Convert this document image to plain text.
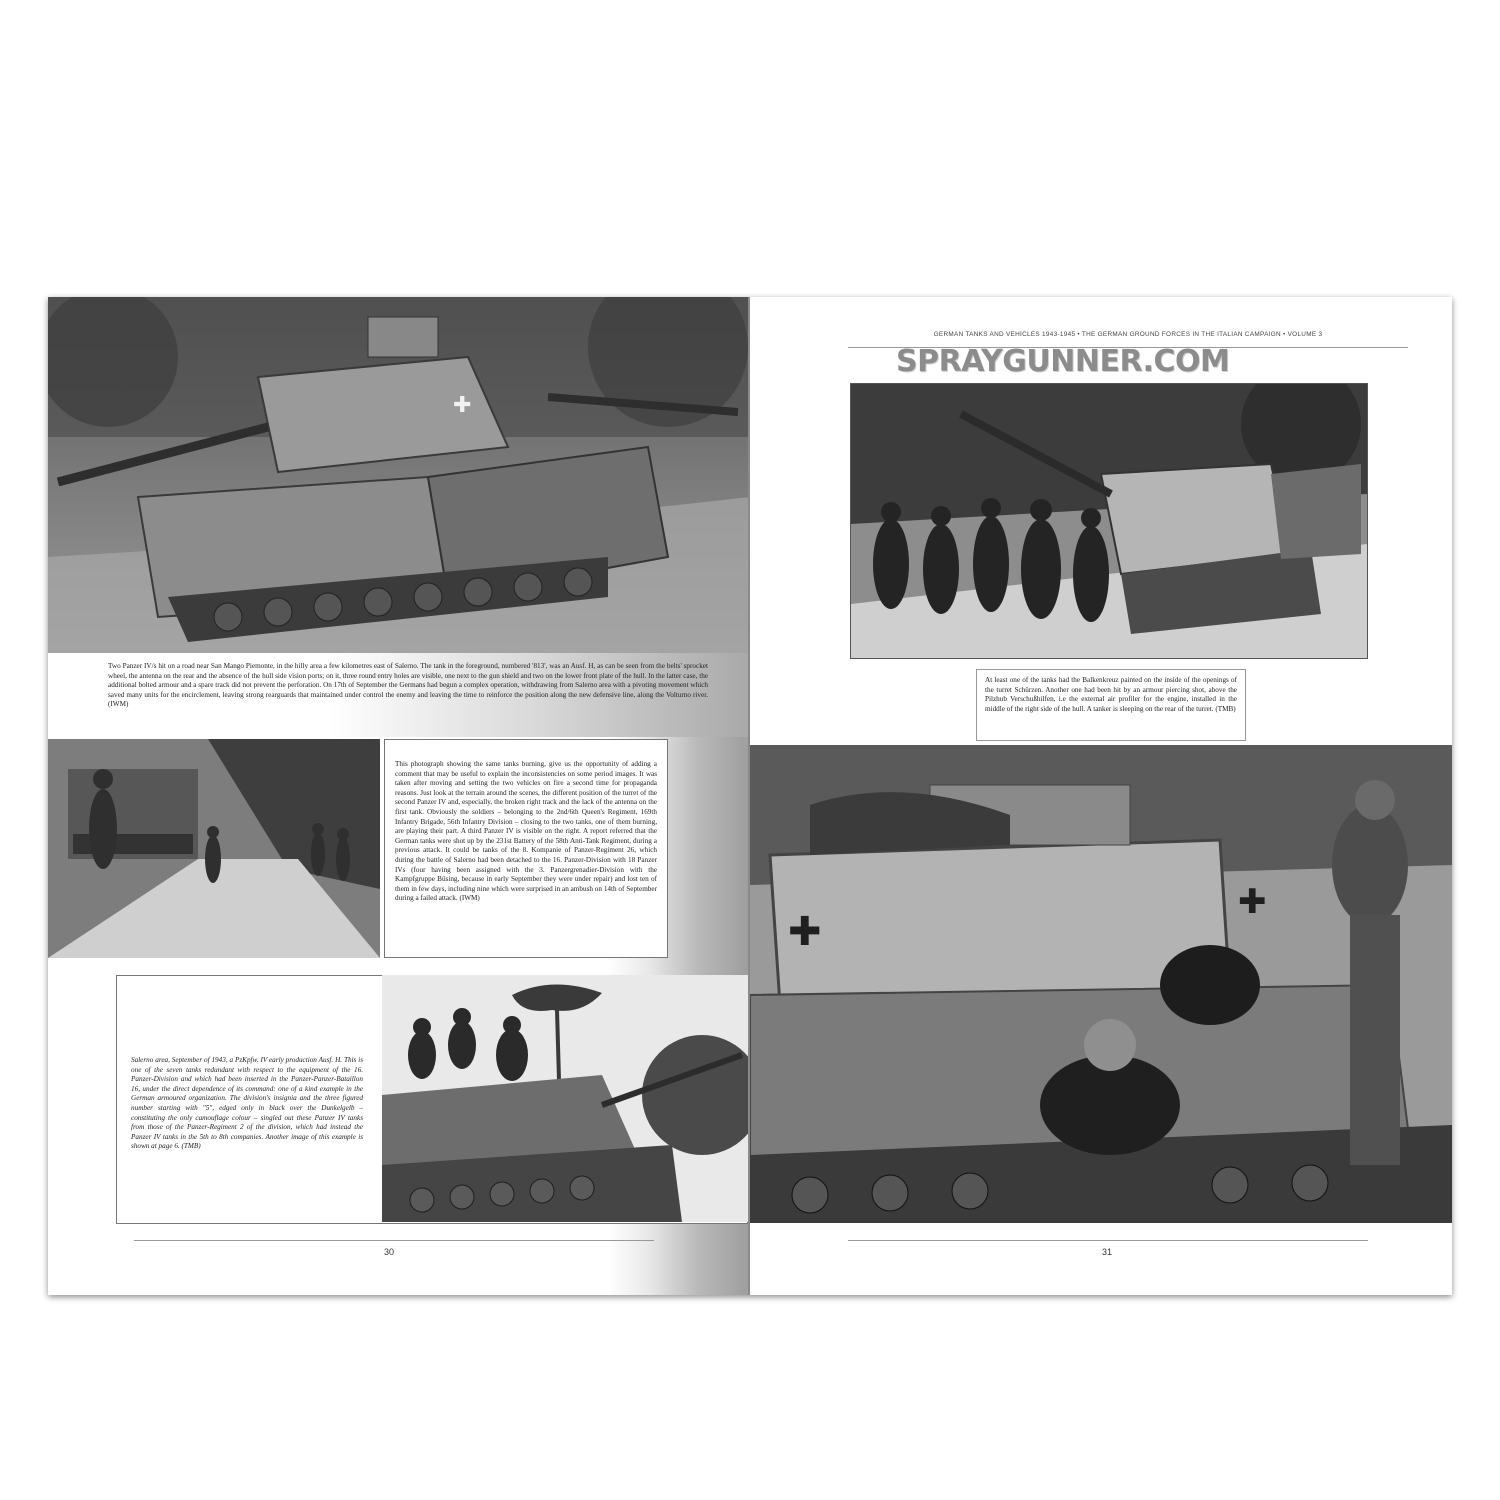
✚

Two Panzer IV/s hit on a road near San Mango Piemonte, in the hilly area a few kilometres east of Salerno. The tank in the foreground, numbered '813', was an Ausf. H, as can be seen from the belts' sprocket wheel, the antenna on the rear and the absence of the hull side vision ports; on it, three round entry holes are visible, one next to the gun shield and two on the lower front plate of the hull. In the latter case, the additional bolted armour and a spare track did not prevent the perforation. On 17th of September the Germans had begun a complex operation, withdrawing from Salerno area with a pivoting movement which saved many units for the encirclement, leaving strong rearguards that maintained under control the enemy and leaving the time to reinforce the position along the new defensive line, along the Volturno river. (IWM)

This photograph showing the same tanks burning, give us the opportunity of adding a comment that may be useful to explain the inconsistencies on some period images. It was taken after moving and setting the two vehicles on fire a second time for propaganda reasons. Just look at the terrain around the scenes, the different position of the turret of the second Panzer IV and, especially, the broken right track and the lack of the antenna on the first tank. Obviously the soldiers – belonging to the 2nd/6th Queen's Regiment, 169th Infantry Brigade, 56th Infantry Division – closing to the two tanks, one of them burning, are playing their part. A third Panzer IV is visible on the right. A report referred that the German tanks were shot up by the 231st Battery of the 58th Anti-Tank Regiment, during a previous attack. It could be tanks of the 8. Kompanie of Panzer-Regiment 26, which during the battle of Salerno had been detached to the 16. Panzer-Division with 18 Panzer IVs (four having been assigned with the 3. Panzergrenadier-Division with the Kampfgruppe Büsing, because in early September they were under repair) and lost ten of them in few days, including nine which were surprised in an ambush on 14th of September during a failed attack. (IWM)

Salerno area, September of 1943, a PzKpfw. IV early production Ausf. H. This is one of the seven tanks redundant with respect to the equipment of the 16. Panzer-Division and which had been inserted in the Panzer-Panzer-Bataillon 16, under the direct dependence of its command: one of a kind example in the German armoured organization. The division's insignia and the three figured number starting with "5", edged only in black over the Dunkelgelb – constituting the only camouflage colour – singled out these Panzer IV tanks from those of the Panzer-Regiment 2 of the division, which had instead the Panzer IV tanks in the 5th to 8th companies. Another image of this example is shown at page 6. (TMB)

30
GERMAN TANKS AND VEHICLES 1943-1945 • THE GERMAN GROUND FORCES IN THE ITALIAN CAMPAIGN • VOLUME 3
SPRAYGUNNER.COM

At least one of the tanks had the Balkenkreuz painted on the inside of the openings of the turret Schürzen. Another one had been hit by an armour piercing shot, above the Pilzhub Verschußhilfen, i.e the external air profiler for the engine, installed in the middle of the right side of the hull. A tanker is sleeping on the rear of the turret. (TMB)

✚
✚
31
